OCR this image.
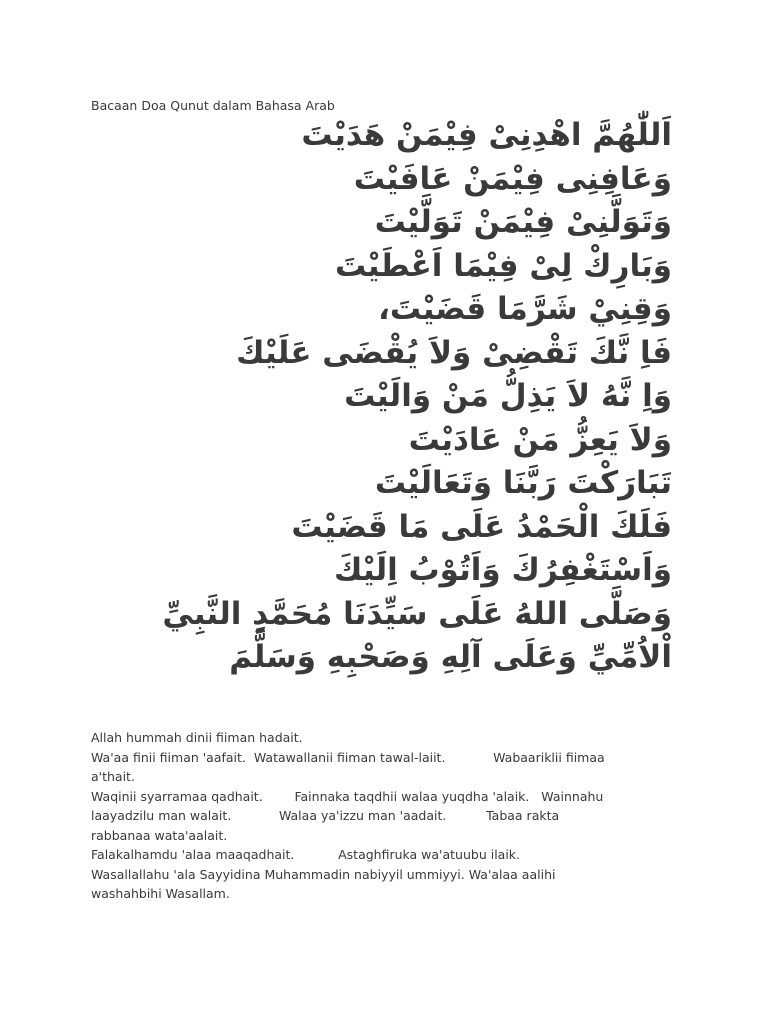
Bacaan Doa Qunut dalam Bahasa Arab
اَللّٰهُمَّ اهْدِنِىْ فِيْمَنْ هَدَيْتَ
وَعَافِنِى فِيْمَنْ عَافَيْتَ
وَتَوَلَّنِىْ فِيْمَنْ تَوَلَّيْتَ
وَبَارِكْ لِىْ فِيْمَا اَعْطَيْتَ
وَقِنِيْ شَرَّمَا قَضَيْتَ،
فَاِ نَّكَ تَقْضِىْ وَلاَ يُقْضَى عَلَيْكَ
وَاِ نَّهُ لاَ يَذِلُّ مَنْ وَالَيْتَ
وَلاَ يَعِزُّ مَنْ عَادَيْتَ
تَبَارَكْتَ رَبَّنَا وَتَعَالَيْتَ
فَلَكَ الْحَمْدُ عَلَى مَا قَضَيْتَ
وَاَسْتَغْفِرُكَ وَاَتُوْبُ اِلَيْكَ
وَصَلَّى اللهُ عَلَى سَيِّدَنَا مُحَمَّدٍ النَّبِيِّ
اْلاُمِّيِّ وَعَلَى آلِهِ وَصَحْبِهِ وَسَلَّمَ
Allah hummah dinii fiiman hadait.
Wa'aa finii fiiman 'aafait.  Watawallanii fiiman tawal-laiit.            Wabaariklii fiimaa
a'thait.
Waqinii syarramaa qadhait.        Fainnaka taqdhii walaa yuqdha 'alaik.   Wainnahu
laayadzilu man walait.            Walaa ya'izzu man 'aadait.          Tabaa rakta
rabbanaa wata'aalait.
Falakalhamdu 'alaa maaqadhait.           Astaghfiruka wa'atuubu ilaik.
Wasallallahu 'ala Sayyidina Muhammadin nabiyyil ummiyyi. Wa'alaa aalihi
washahbihi Wasallam.
